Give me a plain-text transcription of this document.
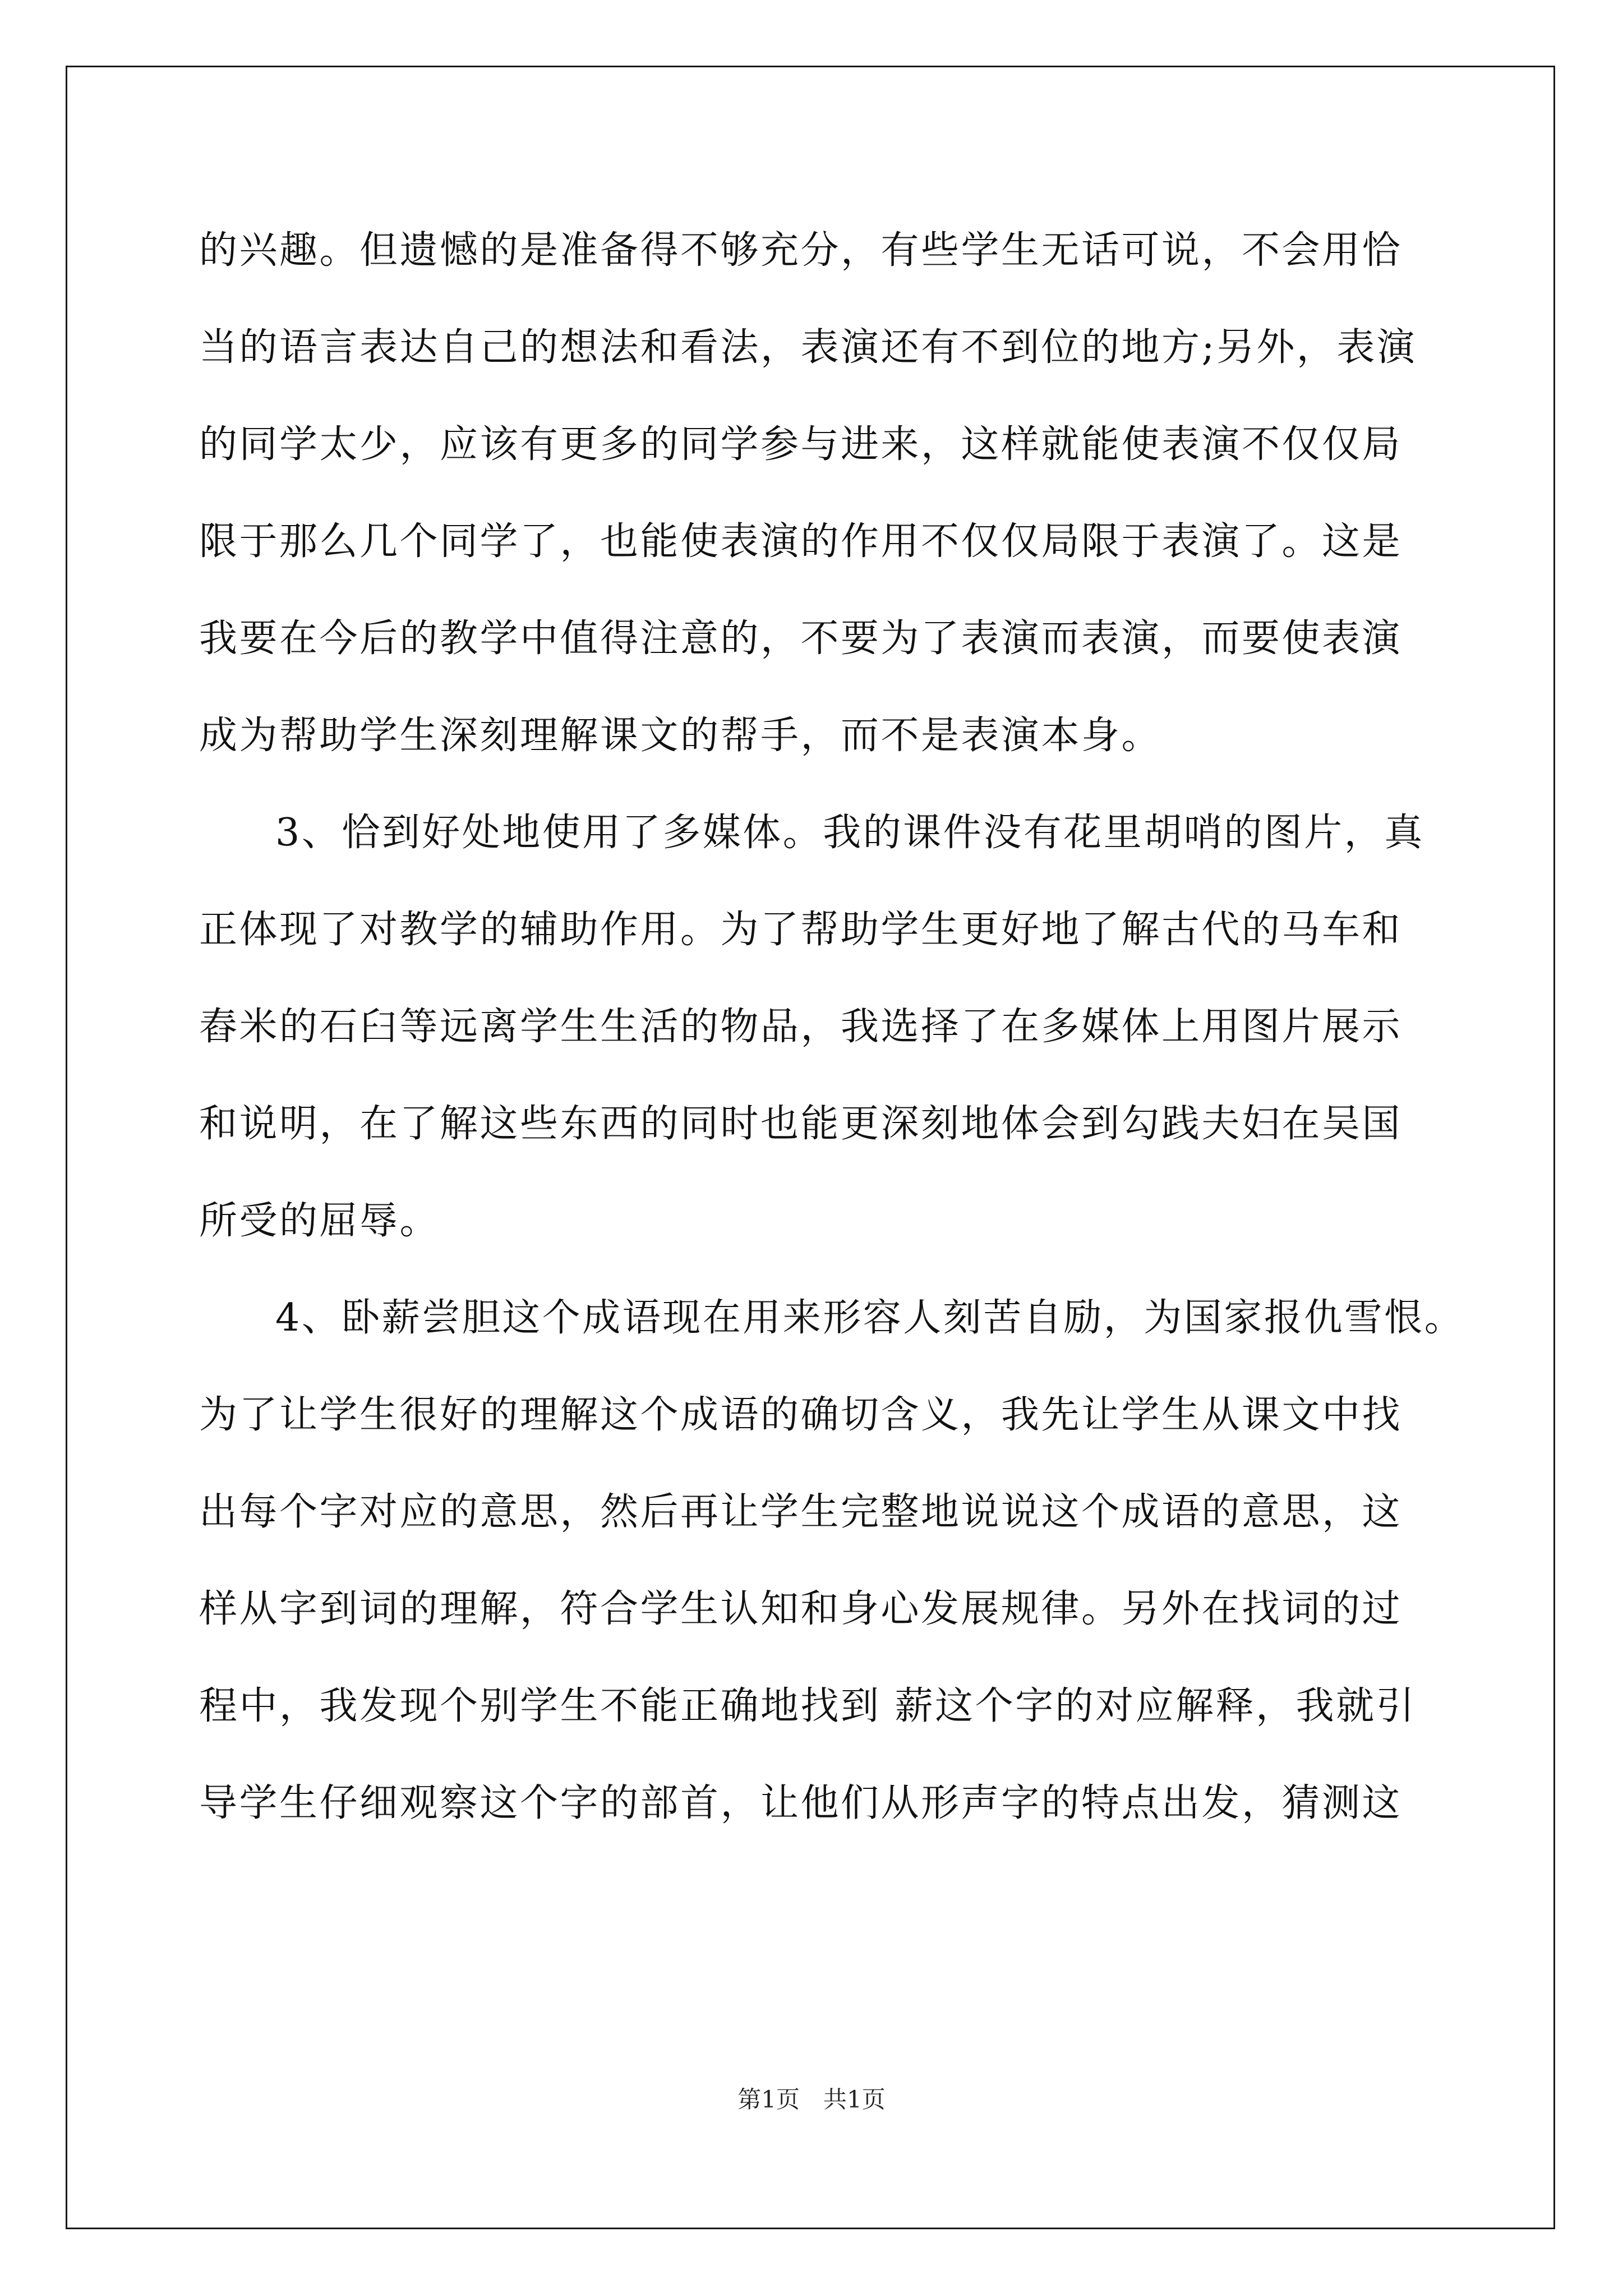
的兴趣。但遗憾的是准备得不够充分，有些学生无话可说，不会用恰
当的语言表达自己的想法和看法，表演还有不到位的地方;另外，表演
的同学太少，应该有更多的同学参与进来，这样就能使表演不仅仅局
限于那么几个同学了，也能使表演的作用不仅仅局限于表演了。这是
我要在今后的教学中值得注意的，不要为了表演而表演，而要使表演
成为帮助学生深刻理解课文的帮手，而不是表演本身。
3、恰到好处地使用了多媒体。我的课件没有花里胡哨的图片，真
正体现了对教学的辅助作用。为了帮助学生更好地了解古代的马车和
舂米的石臼等远离学生生活的物品，我选择了在多媒体上用图片展示
和说明，在了解这些东西的同时也能更深刻地体会到勾践夫妇在吴国
所受的屈辱。
4、卧薪尝胆这个成语现在用来形容人刻苦自励，为国家报仇雪恨。
为了让学生很好的理解这个成语的确切含义，我先让学生从课文中找
出每个字对应的意思，然后再让学生完整地说说这个成语的意思，这
样从字到词的理解，符合学生认知和身心发展规律。另外在找词的过
程中，我发现个别学生不能正确地找到 薪这个字的对应解释，我就引
导学生仔细观察这个字的部首，让他们从形声字的特点出发，猜测这
第1页　共1页
